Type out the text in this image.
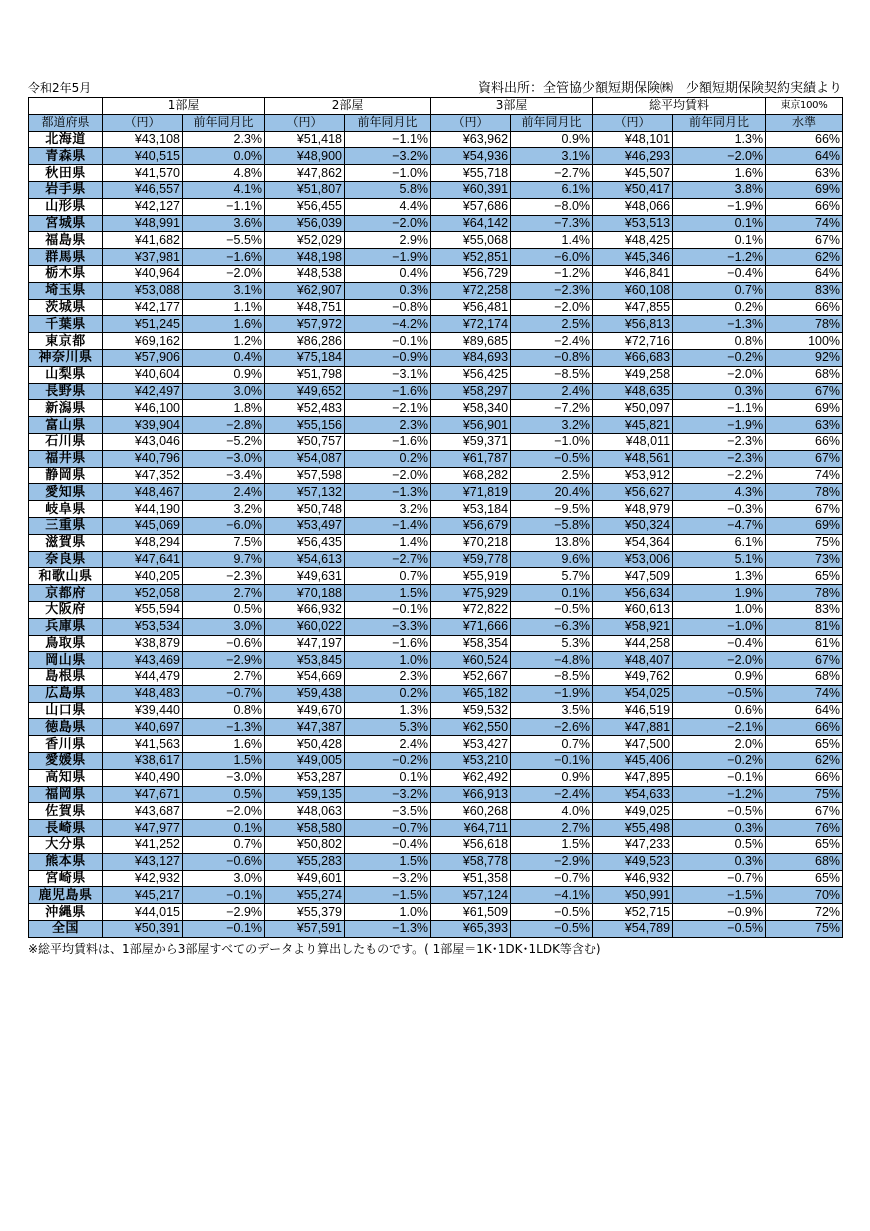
令和2年5月	資料出所：全管協少額短期保険㈱　少額短期保険契約実績より
	1部屋		2部屋		3部屋		総平均賃料		東京100%
都道府県	（円）	前年同月比	（円）	前年同月比	（円）	前年同月比	（円）	前年同月比	水準
北海道	¥43,108	2.3%	¥51,418	−1.1%	¥63,962	0.9%	¥48,101	1.3%	66%
青森県	¥40,515	0.0%	¥48,900	−3.2%	¥54,936	3.1%	¥46,293	−2.0%	64%
秋田県	¥41,570	4.8%	¥47,862	−1.0%	¥55,718	−2.7%	¥45,507	1.6%	63%
岩手県	¥46,557	4.1%	¥51,807	5.8%	¥60,391	6.1%	¥50,417	3.8%	69%
山形県	¥42,127	−1.1%	¥56,455	4.4%	¥57,686	−8.0%	¥48,066	−1.9%	66%
宮城県	¥48,991	3.6%	¥56,039	−2.0%	¥64,142	−7.3%	¥53,513	0.1%	74%
福島県	¥41,682	−5.5%	¥52,029	2.9%	¥55,068	1.4%	¥48,425	0.1%	67%
群馬県	¥37,981	−1.6%	¥48,198	−1.9%	¥52,851	−6.0%	¥45,346	−1.2%	62%
栃木県	¥40,964	−2.0%	¥48,538	0.4%	¥56,729	−1.2%	¥46,841	−0.4%	64%
埼玉県	¥53,088	3.1%	¥62,907	0.3%	¥72,258	−2.3%	¥60,108	0.7%	83%
茨城県	¥42,177	1.1%	¥48,751	−0.8%	¥56,481	−2.0%	¥47,855	0.2%	66%
千葉県	¥51,245	1.6%	¥57,972	−4.2%	¥72,174	2.5%	¥56,813	−1.3%	78%
東京都	¥69,162	1.2%	¥86,286	−0.1%	¥89,685	−2.4%	¥72,716	0.8%	100%
神奈川県	¥57,906	0.4%	¥75,184	−0.9%	¥84,693	−0.8%	¥66,683	−0.2%	92%
山梨県	¥40,604	0.9%	¥51,798	−3.1%	¥56,425	−8.5%	¥49,258	−2.0%	68%
長野県	¥42,497	3.0%	¥49,652	−1.6%	¥58,297	2.4%	¥48,635	0.3%	67%
新潟県	¥46,100	1.8%	¥52,483	−2.1%	¥58,340	−7.2%	¥50,097	−1.1%	69%
富山県	¥39,904	−2.8%	¥55,156	2.3%	¥56,901	3.2%	¥45,821	−1.9%	63%
石川県	¥43,046	−5.2%	¥50,757	−1.6%	¥59,371	−1.0%	¥48,011	−2.3%	66%
福井県	¥40,796	−3.0%	¥54,087	0.2%	¥61,787	−0.5%	¥48,561	−2.3%	67%
静岡県	¥47,352	−3.4%	¥57,598	−2.0%	¥68,282	2.5%	¥53,912	−2.2%	74%
愛知県	¥48,467	2.4%	¥57,132	−1.3%	¥71,819	20.4%	¥56,627	4.3%	78%
岐阜県	¥44,190	3.2%	¥50,748	3.2%	¥53,184	−9.5%	¥48,979	−0.3%	67%
三重県	¥45,069	−6.0%	¥53,497	−1.4%	¥56,679	−5.8%	¥50,324	−4.7%	69%
滋賀県	¥48,294	7.5%	¥56,435	1.4%	¥70,218	13.8%	¥54,364	6.1%	75%
奈良県	¥47,641	9.7%	¥54,613	−2.7%	¥59,778	9.6%	¥53,006	5.1%	73%
和歌山県	¥40,205	−2.3%	¥49,631	0.7%	¥55,919	5.7%	¥47,509	1.3%	65%
京都府	¥52,058	2.7%	¥70,188	1.5%	¥75,929	0.1%	¥56,634	1.9%	78%
大阪府	¥55,594	0.5%	¥66,932	−0.1%	¥72,822	−0.5%	¥60,613	1.0%	83%
兵庫県	¥53,534	3.0%	¥60,022	−3.3%	¥71,666	−6.3%	¥58,921	−1.0%	81%
鳥取県	¥38,879	−0.6%	¥47,197	−1.6%	¥58,354	5.3%	¥44,258	−0.4%	61%
岡山県	¥43,469	−2.9%	¥53,845	1.0%	¥60,524	−4.8%	¥48,407	−2.0%	67%
島根県	¥44,479	2.7%	¥54,669	2.3%	¥52,667	−8.5%	¥49,762	0.9%	68%
広島県	¥48,483	−0.7%	¥59,438	0.2%	¥65,182	−1.9%	¥54,025	−0.5%	74%
山口県	¥39,440	0.8%	¥49,670	1.3%	¥59,532	3.5%	¥46,519	0.6%	64%
徳島県	¥40,697	−1.3%	¥47,387	5.3%	¥62,550	−2.6%	¥47,881	−2.1%	66%
香川県	¥41,563	1.6%	¥50,428	2.4%	¥53,427	0.7%	¥47,500	2.0%	65%
愛媛県	¥38,617	1.5%	¥49,005	−0.2%	¥53,210	−0.1%	¥45,406	−0.2%	62%
高知県	¥40,490	−3.0%	¥53,287	0.1%	¥62,492	0.9%	¥47,895	−0.1%	66%
福岡県	¥47,671	0.5%	¥59,135	−3.2%	¥66,913	−2.4%	¥54,633	−1.2%	75%
佐賀県	¥43,687	−2.0%	¥48,063	−3.5%	¥60,268	4.0%	¥49,025	−0.5%	67%
長崎県	¥47,977	0.1%	¥58,580	−0.7%	¥64,711	2.7%	¥55,498	0.3%	76%
大分県	¥41,252	0.7%	¥50,802	−0.4%	¥56,618	1.5%	¥47,233	0.5%	65%
熊本県	¥43,127	−0.6%	¥55,283	1.5%	¥58,778	−2.9%	¥49,523	0.3%	68%
宮崎県	¥42,932	3.0%	¥49,601	−3.2%	¥51,358	−0.7%	¥46,932	−0.7%	65%
鹿児島県	¥45,217	−0.1%	¥55,274	−1.5%	¥57,124	−4.1%	¥50,991	−1.5%	70%
沖縄県	¥44,015	−2.9%	¥55,379	1.0%	¥61,509	−0.5%	¥52,715	−0.9%	72%
全国	¥50,391	−0.1%	¥57,591	−1.3%	¥65,393	−0.5%	¥54,789	−0.5%	75%
※総平均賃料は、1部屋から3部屋すべてのデータより算出したものです。( 1部屋＝1K･1DK･1LDK等含む)
